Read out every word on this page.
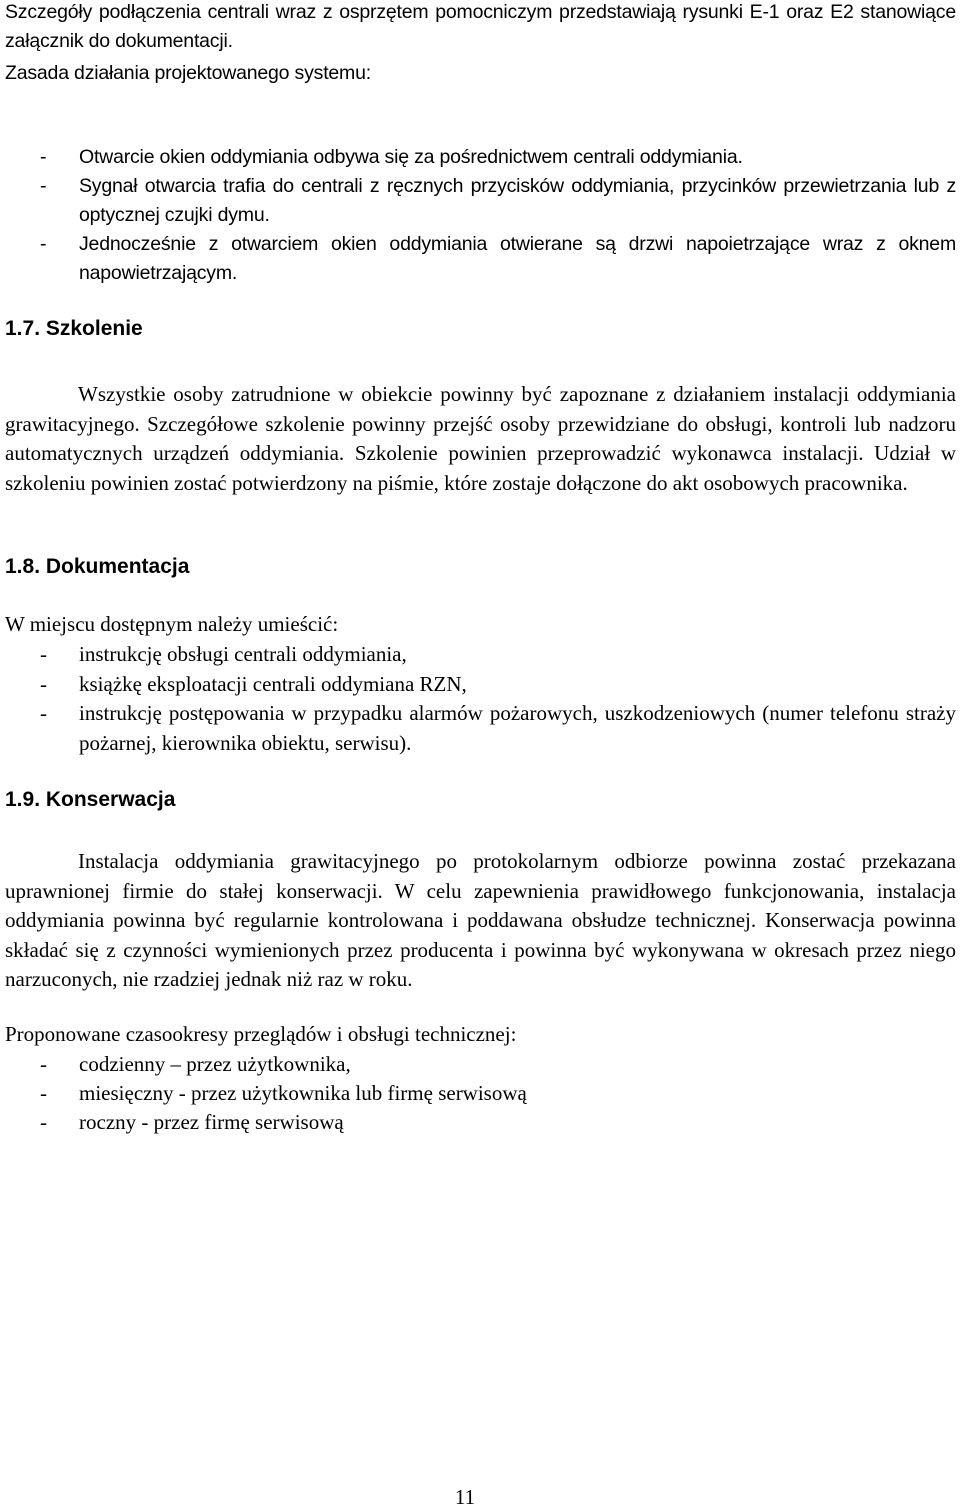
Szczegóły podłączenia centrali wraz z osprzętem pomocniczym przedstawiają rysunki E-1 oraz E2 stanowiące załącznik do dokumentacji.
Zasada działania projektowanego systemu:
- Otwarcie okien oddymiania odbywa się za pośrednictwem centrali oddymiania.
- Sygnał otwarcia trafia do centrali z ręcznych przycisków oddymiania, przycinków przewietrzania lub z optycznej czujki dymu.
- Jednocześnie z otwarciem okien oddymiania otwierane są drzwi napoietrzające wraz z oknem napowietrzającym.
1.7. Szkolenie
Wszystkie osoby zatrudnione w obiekcie powinny być zapoznane z działaniem instalacji oddymiania grawitacyjnego. Szczegółowe szkolenie powinny przejść osoby przewidziane do obsługi, kontroli lub nadzoru automatycznych urządzeń oddymiania. Szkolenie powinien przeprowadzić wykonawca instalacji. Udział w szkoleniu powinien zostać potwierdzony na piśmie, które zostaje dołączone do akt osobowych pracownika.
1.8. Dokumentacja
W miejscu dostępnym należy umieścić:
- instrukcję obsługi centrali oddymiania,
- książkę eksploatacji centrali oddymiana RZN,
- instrukcję postępowania w przypadku alarmów pożarowych, uszkodzeniowych (numer telefonu straży pożarnej, kierownika obiektu, serwisu).
1.9. Konserwacja
Instalacja oddymiania grawitacyjnego po protokolarnym odbiorze powinna zostać przekazana uprawnionej firmie do stałej konserwacji. W celu zapewnienia prawidłowego funkcjonowania, instalacja oddymiania powinna być regularnie kontrolowana i poddawana obsłudze technicznej. Konserwacja powinna składać się z czynności wymienionych przez producenta i powinna być wykonywana w okresach przez niego narzuconych, nie rzadziej jednak niż raz w roku.
Proponowane czasookresy przeglądów i obsługi technicznej:
- codzienny – przez użytkownika,
- miesięczny - przez użytkownika lub firmę serwisową
- roczny - przez firmę serwisową
11
